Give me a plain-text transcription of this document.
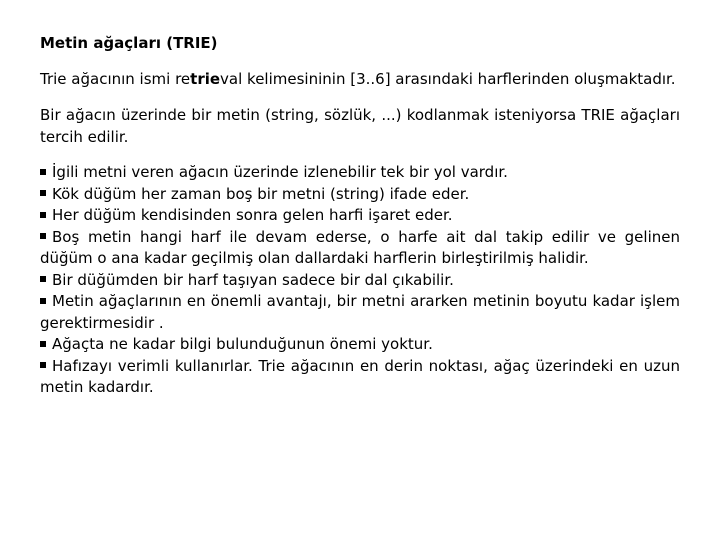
Metin ağaçları (TRIE)
Trie ağacının ismi retrieval kelimesininin [3..6] arasındaki harflerinden oluşmaktadır.
Bir ağacın üzerinde bir metin (string, sözlük, ...) kodlanmak isteniyorsa TRIE ağaçları tercih edilir.
İgili metni veren ağacın üzerinde izlenebilir tek bir yol vardır.
Kök düğüm her zaman boş bir metni (string) ifade eder.
Her düğüm kendisinden sonra gelen harfi işaret eder.
Boş metin hangi harf ile devam ederse, o harfe ait dal takip edilir ve gelinen düğüm o ana kadar geçilmiş olan dallardaki harflerin birleştirilmiş halidir.
Bir düğümden bir harf taşıyan sadece bir dal çıkabilir.
Metin ağaçlarının en önemli avantajı, bir metni ararken metinin boyutu kadar işlem gerektirmesidir .
Ağaçta ne kadar bilgi bulunduğunun önemi yoktur.
Hafızayı verimli kullanırlar. Trie ağacının en derin noktası, ağaç üzerindeki en uzun metin kadardır.
